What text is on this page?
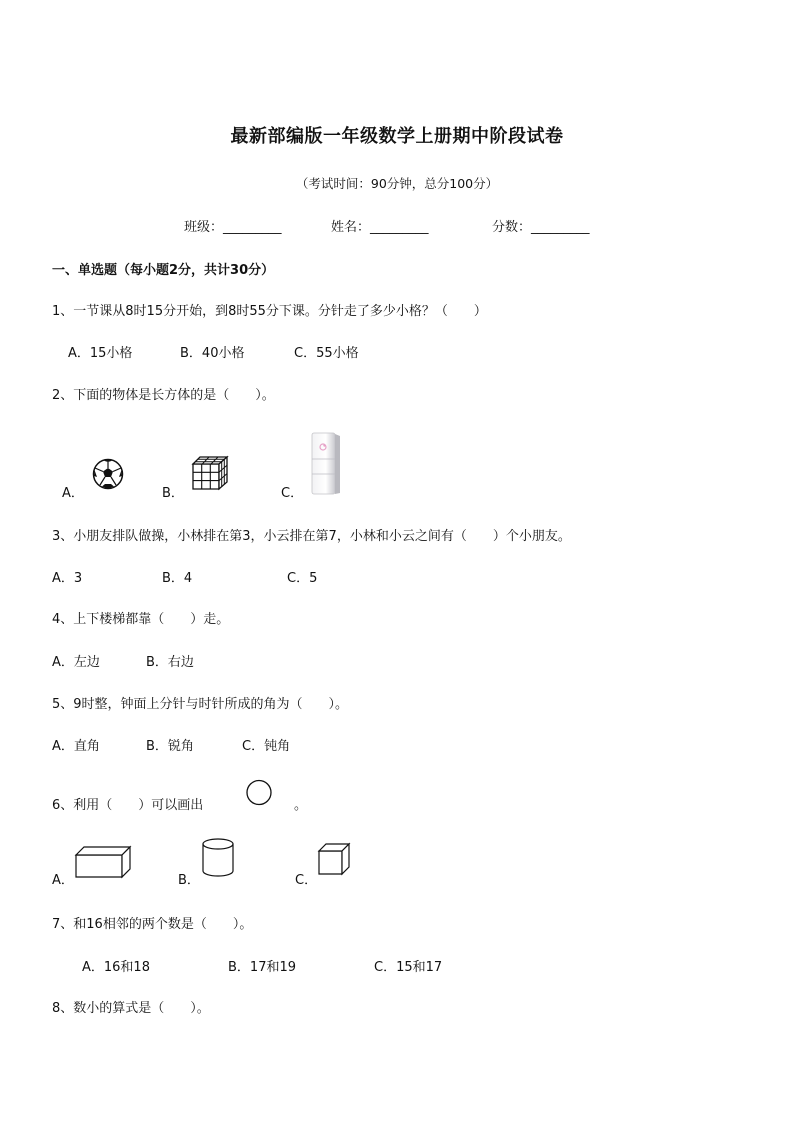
最新部编版一年级数学上册期中阶段试卷
（考试时间：90分钟，总分100分）
班级：_________	姓名：_________	分数：_________
一、单选题（每小题2分，共计30分）
1、一节课从8时15分开始，到8时55分下课。分针走了多少小格？（　　）
A．15小格	B．40小格	C．55小格
2、下面的物体是长方体的是（　　）。
A．	B．	C．
3、小朋友排队做操，小林排在第3，小云排在第7，小林和小云之间有（　　）个小朋友。
A．3	B．4	C．5
4、上下楼梯都靠（　　）走。
A．左边	B．右边
5、9时整，钟面上分针与时针所成的角为（　　）。
A．直角	B．锐角	C．钝角
6、利用（　　）可以画出	。
A．	B．	C．
7、和16相邻的两个数是（　　）。
A．16和18	B．17和19	C．15和17
8、数小的算式是（　　）。
